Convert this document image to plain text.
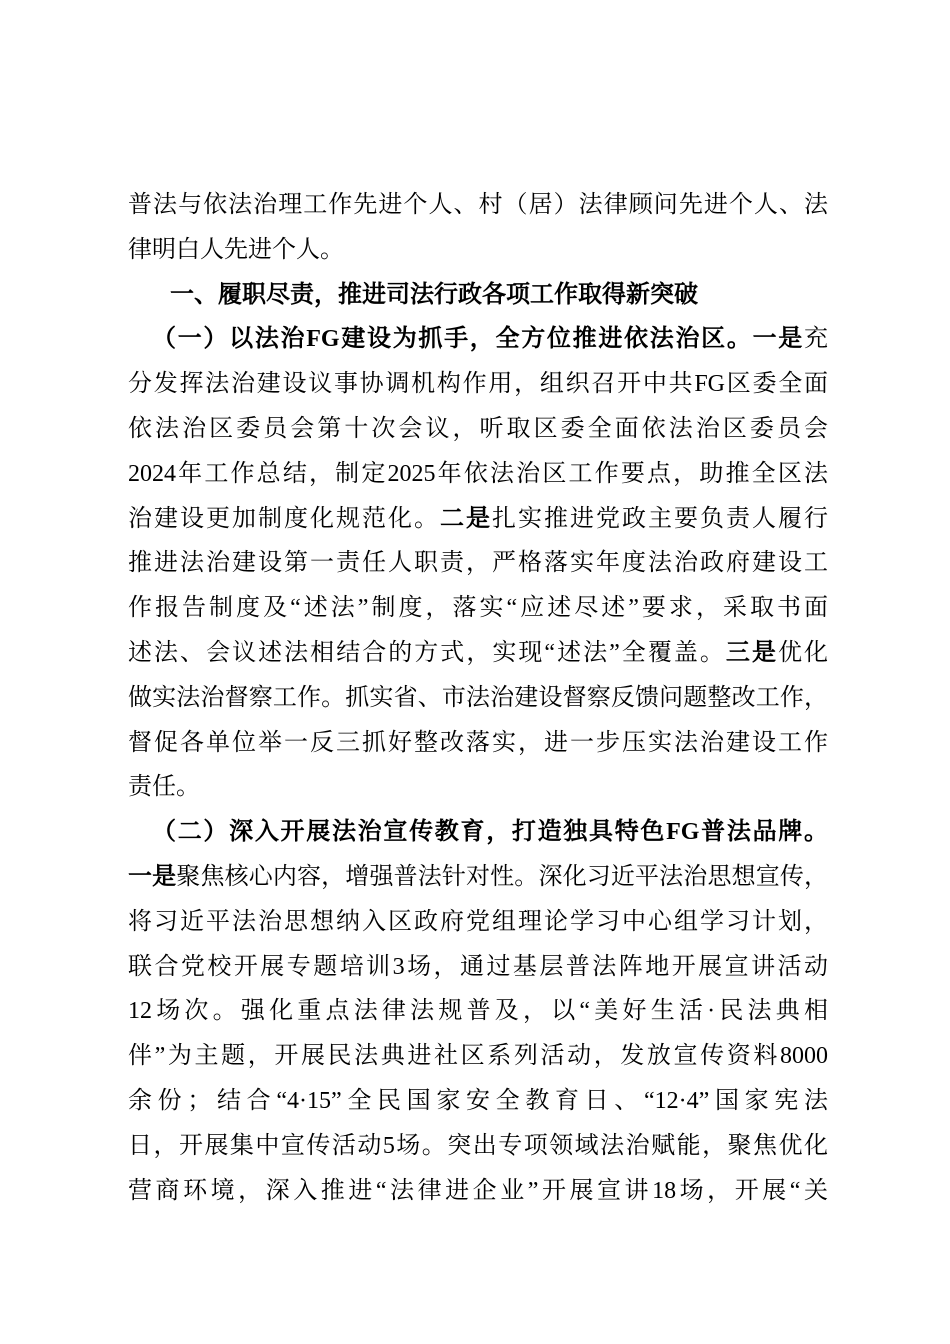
普法与依法治理工作先进个人、村（居）法律顾问先进个人、法
律明白人先进个人。
一、履职尽责，推进司法行政各项工作取得新突破
（一）以法治FG建设为抓手，全方位推进依法治区。一是充
分发挥法治建设议事协调机构作用，组织召开中共FG区委全面
依法治区委员会第十次会议，听取区委全面依法治区委员会
2024年工作总结，制定2025年依法治区工作要点，助推全区法
治建设更加制度化规范化。二是扎实推进党政主要负责人履行
推进法治建设第一责任人职责，严格落实年度法治政府建设工
作报告制度及“述法”制度，落实“应述尽述”要求，采取书面
述法、会议述法相结合的方式，实现“述法”全覆盖。三是优化
做实法治督察工作。抓实省、市法治建设督察反馈问题整改工作，
督促各单位举一反三抓好整改落实，进一步压实法治建设工作
责任。
（二）深入开展法治宣传教育，打造独具特色FG普法品牌。
一是聚焦核心内容，增强普法针对性。深化习近平法治思想宣传，
将习近平法治思想纳入区政府党组理论学习中心组学习计划，
联合党校开展专题培训3场，通过基层普法阵地开展宣讲活动
12场次。强化重点法律法规普及，以“美好生活·民法典相
伴”为主题，开展民法典进社区系列活动，发放宣传资料8000
余份；结合“4·15”全民国家安全教育日、“12·4”国家宪法
日，开展集中宣传活动5场。突出专项领域法治赋能，聚焦优化
营商环境，深入推进“法律进企业”开展宣讲18场，开展“关
